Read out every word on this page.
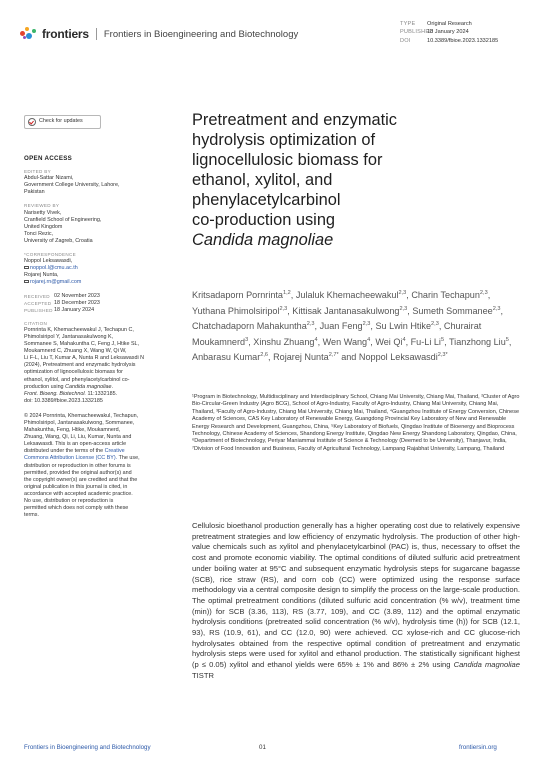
frontiers Frontiers in Bioengineering and Biotechnology
TYPE Original Research
PUBLISHED18 January 2024
DOI	10.3389/fbioe.2023.1332185
Check for updates
OPEN ACCESS
EDITED BY
Abdul-Sattar Nizami,
Government College University, Lahore,
Pakistan
REVIEWED BY
Narisetty Vivek,
Cranfield School of Engineering,
United Kingdom
Tonci Rezic,
University of Zagreb, Croatia
*CORRESPONDENCE
Noppol Leksawasdi,
noppol.l@cmu.ac.th
Rojarej Nunta,
rojarej.rn@gmail.com
RECEIVED 02 November 2023
ACCEPTED 18 December 2023
PUBLISHED 18 January 2024
CITATION
Pornrinta K, Khemacheewakul J, Techapun C,
Phimolsiripol Y, Jantanasakulwong K,
Sommanee S, Mahakuntha C, Feng J, Htike SL,
Moukamnerd C, Zhuang X, Wang W, Qi W,
Li F-L, Liu T, Kumar A, Nunta R and Leksawasdi N
(2024), Pretreatment and enzymatic hydrolysis
optimization of lignocellulosic biomass for
ethanol, xylitol, and phenylacetylcarbinol co-
production using Candida magnoliae.
Front. Bioeng. Biotechnol. 11:1332185.
doi: 10.3389/fbioe.2023.1332185
© 2024 Pornrinta, Khemacheewakul, Techapun,
Phimolsiripol, Jantanasakulwong, Sommanee,
Mahakuntha, Feng, Htike, Moukamnerd,
Zhuang, Wang, Qi, Li, Liu, Kumar, Nunta and
Leksawasdi. This is an open-access article
distributed under the terms of the Creative
Commons Attribution License (CC BY). The use,
distribution or reproduction in other forums is
permitted, provided the original author(s) and
the copyright owner(s) are credited and that the
original publication in this journal is cited, in
accordance with accepted academic practice.
No use, distribution or reproduction is
permitted which does not comply with these
terms.
Pretreatment and enzymatic
hydrolysis optimization of
lignocellulosic biomass for
ethanol, xylitol, and
phenylacetylcarbinol
co-production using
Candida magnoliae
Kritsadaporn Pornrinta$^{1,2}$, Julaluk Khemacheewakul$^{2,3}$, Charin Techapun$^{2,3}$, Yuthana Phimolsiripol$^{2,3}$, Kittisak Jantanasakulwong$^{2,3}$, Sumeth Sommanee$^{2,3}$, Chatchadaporn Mahakuntha$^{2,3}$, Juan Feng$^{2,3}$, Su Lwin Htike$^{2,3}$, Churairat Moukamnerd$^3$, Xinshu Zhuang$^4$, Wen Wang$^4$, Wei Qi$^4$, Fu-Li Li$^5$, Tianzhong Liu$^5$, Anbarasu Kumar$^{2,6}$, Rojarej Nunta$^{2,7*}$ and Noppol Leksawasdi$^{2,3*}$
¹Program in Biotechnology, Multidisciplinary and Interdisciplinary School, Chiang Mai University, Chiang Mai, Thailand, ²Cluster of Agro Bio-Circular-Green Industry (Agro BCG), School of Agro-Industry, Faculty of Agro-Industry, Chiang Mai University, Chiang Mai, Thailand, ³Faculty of Agro-Industry, Chiang Mai University, Chiang Mai, Thailand, ⁴Guangzhou Institute of Energy Conversion, Chinese Academy of Sciences, CAS Key Laboratory of Renewable Energy, Guangdong Provincial Key Laboratory of New and Renewable Energy Research and Development, Guangzhou, China, ⁵Key Laboratory of Biofuels, Qingdao Institute of Bioenergy and Bioprocess Technology, Chinese Academy of Sciences, Shandong Energy Institute, Qingdao New Energy Shandong Laboratory, Qingdao, China, ⁶Department of Biotechnology, Periyar Maniammai Institute of Science & Technology (Deemed to be University), Thanjavur, India, ⁷Division of Food Innovation and Business, Faculty of Agricultural Technology, Lampang Rajabhat University, Lampang, Thailand
Cellulosic bioethanol production generally has a higher operating cost due to relatively expensive pretreatment strategies and low efficiency of enzymatic hydrolysis. The production of other high-value chemicals such as xylitol and phenylacetylcarbinol (PAC) is, thus, necessary to offset the cost and promote economic viability. The optimal conditions of diluted sulfuric acid pretreatment under boiling water at 95°C and subsequent enzymatic hydrolysis steps for sugarcane bagasse (SCB), rice straw (RS), and corn cob (CC) were optimized using the response surface methodology via a central composite design to simplify the process on the large-scale production. The optimal pretreatment conditions (diluted sulfuric acid concentration (% w/v), treatment time (min)) for SCB (3.36, 113), RS (3.77, 109), and CC (3.89, 112) and the optimal enzymatic hydrolysis conditions (pretreated solid concentration (% w/v), hydrolysis time (h)) for SCB (12.1, 93), RS (10.9, 61), and CC (12.0, 90) were achieved. CC xylose-rich and CC glucose-rich hydrolysates obtained from the respective optimal condition of pretreatment and enzymatic hydrolysis steps were used for xylitol and ethanol production. The statistically significant highest (p ≤ 0.05) xylitol and ethanol yields were 65% ± 1% and 86% ± 2% using Candida magnoliae TISTR
Frontiers in Bioengineering and Biotechnology	01	frontiersin.org
